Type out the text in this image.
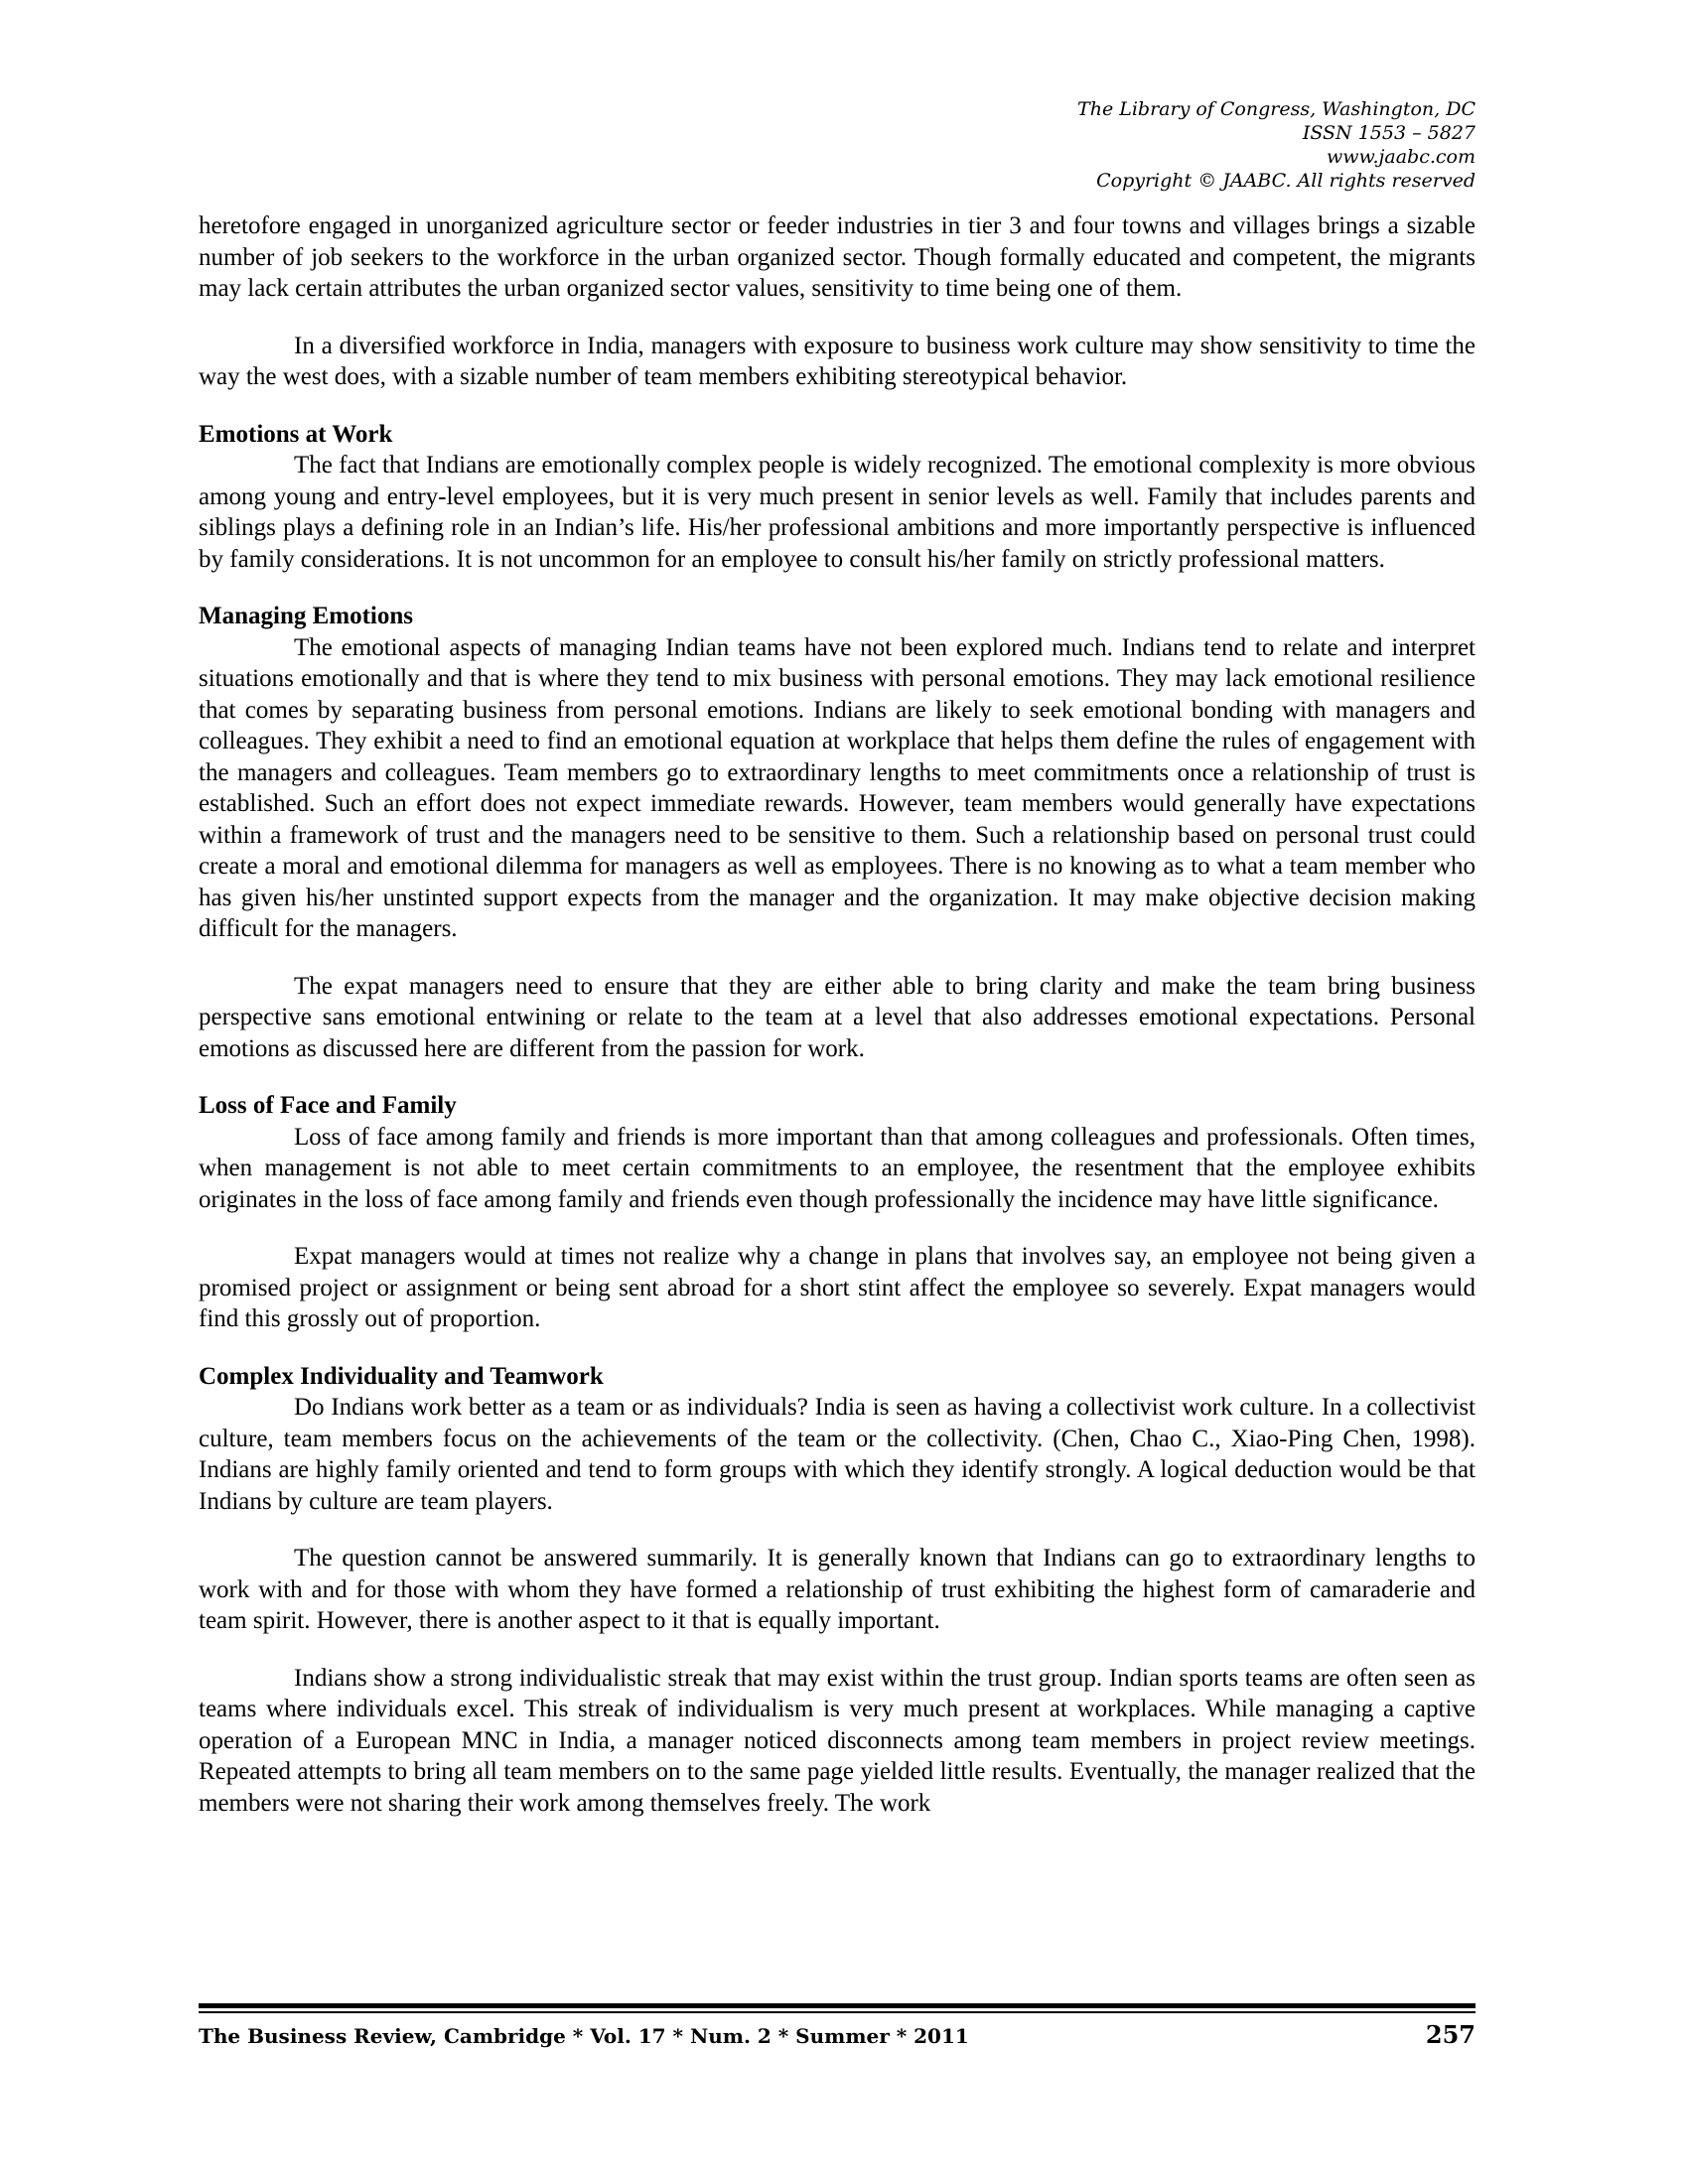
The Library of Congress, Washington, DC
ISSN 1553 – 5827
www.jaabc.com
Copyright © JAABC. All rights reserved

heretofore engaged in unorganized agriculture sector or feeder industries in tier 3 and four towns and villages brings a sizable number of job seekers to the workforce in the urban organized sector. Though formally educated and competent, the migrants may lack certain attributes the urban organized sector values, sensitivity to time being one of them.

In a diversified workforce in India, managers with exposure to business work culture may show sensitivity to time the way the west does, with a sizable number of team members exhibiting stereotypical behavior.

Emotions at Work

The fact that Indians are emotionally complex people is widely recognized. The emotional complexity is more obvious among young and entry-level employees, but it is very much present in senior levels as well. Family that includes parents and siblings plays a defining role in an Indian’s life. His/her professional ambitions and more importantly perspective is influenced by family considerations. It is not uncommon for an employee to consult his/her family on strictly professional matters.

Managing Emotions

The emotional aspects of managing Indian teams have not been explored much. Indians tend to relate and interpret situations emotionally and that is where they tend to mix business with personal emotions. They may lack emotional resilience that comes by separating business from personal emotions. Indians are likely to seek emotional bonding with managers and colleagues. They exhibit a need to find an emotional equation at workplace that helps them define the rules of engagement with the managers and colleagues. Team members go to extraordinary lengths to meet commitments once a relationship of trust is established. Such an effort does not expect immediate rewards. However, team members would generally have expectations within a framework of trust and the managers need to be sensitive to them. Such a relationship based on personal trust could create a moral and emotional dilemma for managers as well as employees. There is no knowing as to what a team member who has given his/her unstinted support expects from the manager and the organization. It may make objective decision making difficult for the managers.

The expat managers need to ensure that they are either able to bring clarity and make the team bring business perspective sans emotional entwining or relate to the team at a level that also addresses emotional expectations. Personal emotions as discussed here are different from the passion for work.

Loss of Face and Family

Loss of face among family and friends is more important than that among colleagues and professionals. Often times, when management is not able to meet certain commitments to an employee, the resentment that the employee exhibits originates in the loss of face among family and friends even though professionally the incidence may have little significance.

Expat managers would at times not realize why a change in plans that involves say, an employee not being given a promised project or assignment or being sent abroad for a short stint affect the employee so severely. Expat managers would find this grossly out of proportion.

Complex Individuality and Teamwork

Do Indians work better as a team or as individuals? India is seen as having a collectivist work culture. In a collectivist culture, team members focus on the achievements of the team or the collectivity. (Chen, Chao C., Xiao-Ping Chen, 1998). Indians are highly family oriented and tend to form groups with which they identify strongly. A logical deduction would be that Indians by culture are team players.

The question cannot be answered summarily. It is generally known that Indians can go to extraordinary lengths to work with and for those with whom they have formed a relationship of trust exhibiting the highest form of camaraderie and team spirit. However, there is another aspect to it that is equally important.

Indians show a strong individualistic streak that may exist within the trust group. Indian sports teams are often seen as teams where individuals excel. This streak of individualism is very much present at workplaces. While managing a captive operation of a European MNC in India, a manager noticed disconnects among team members in project review meetings. Repeated attempts to bring all team members on to the same page yielded little results. Eventually, the manager realized that the members were not sharing their work among themselves freely. The work

The Business Review, Cambridge * Vol. 17 * Num. 2 * Summer * 2011	257
